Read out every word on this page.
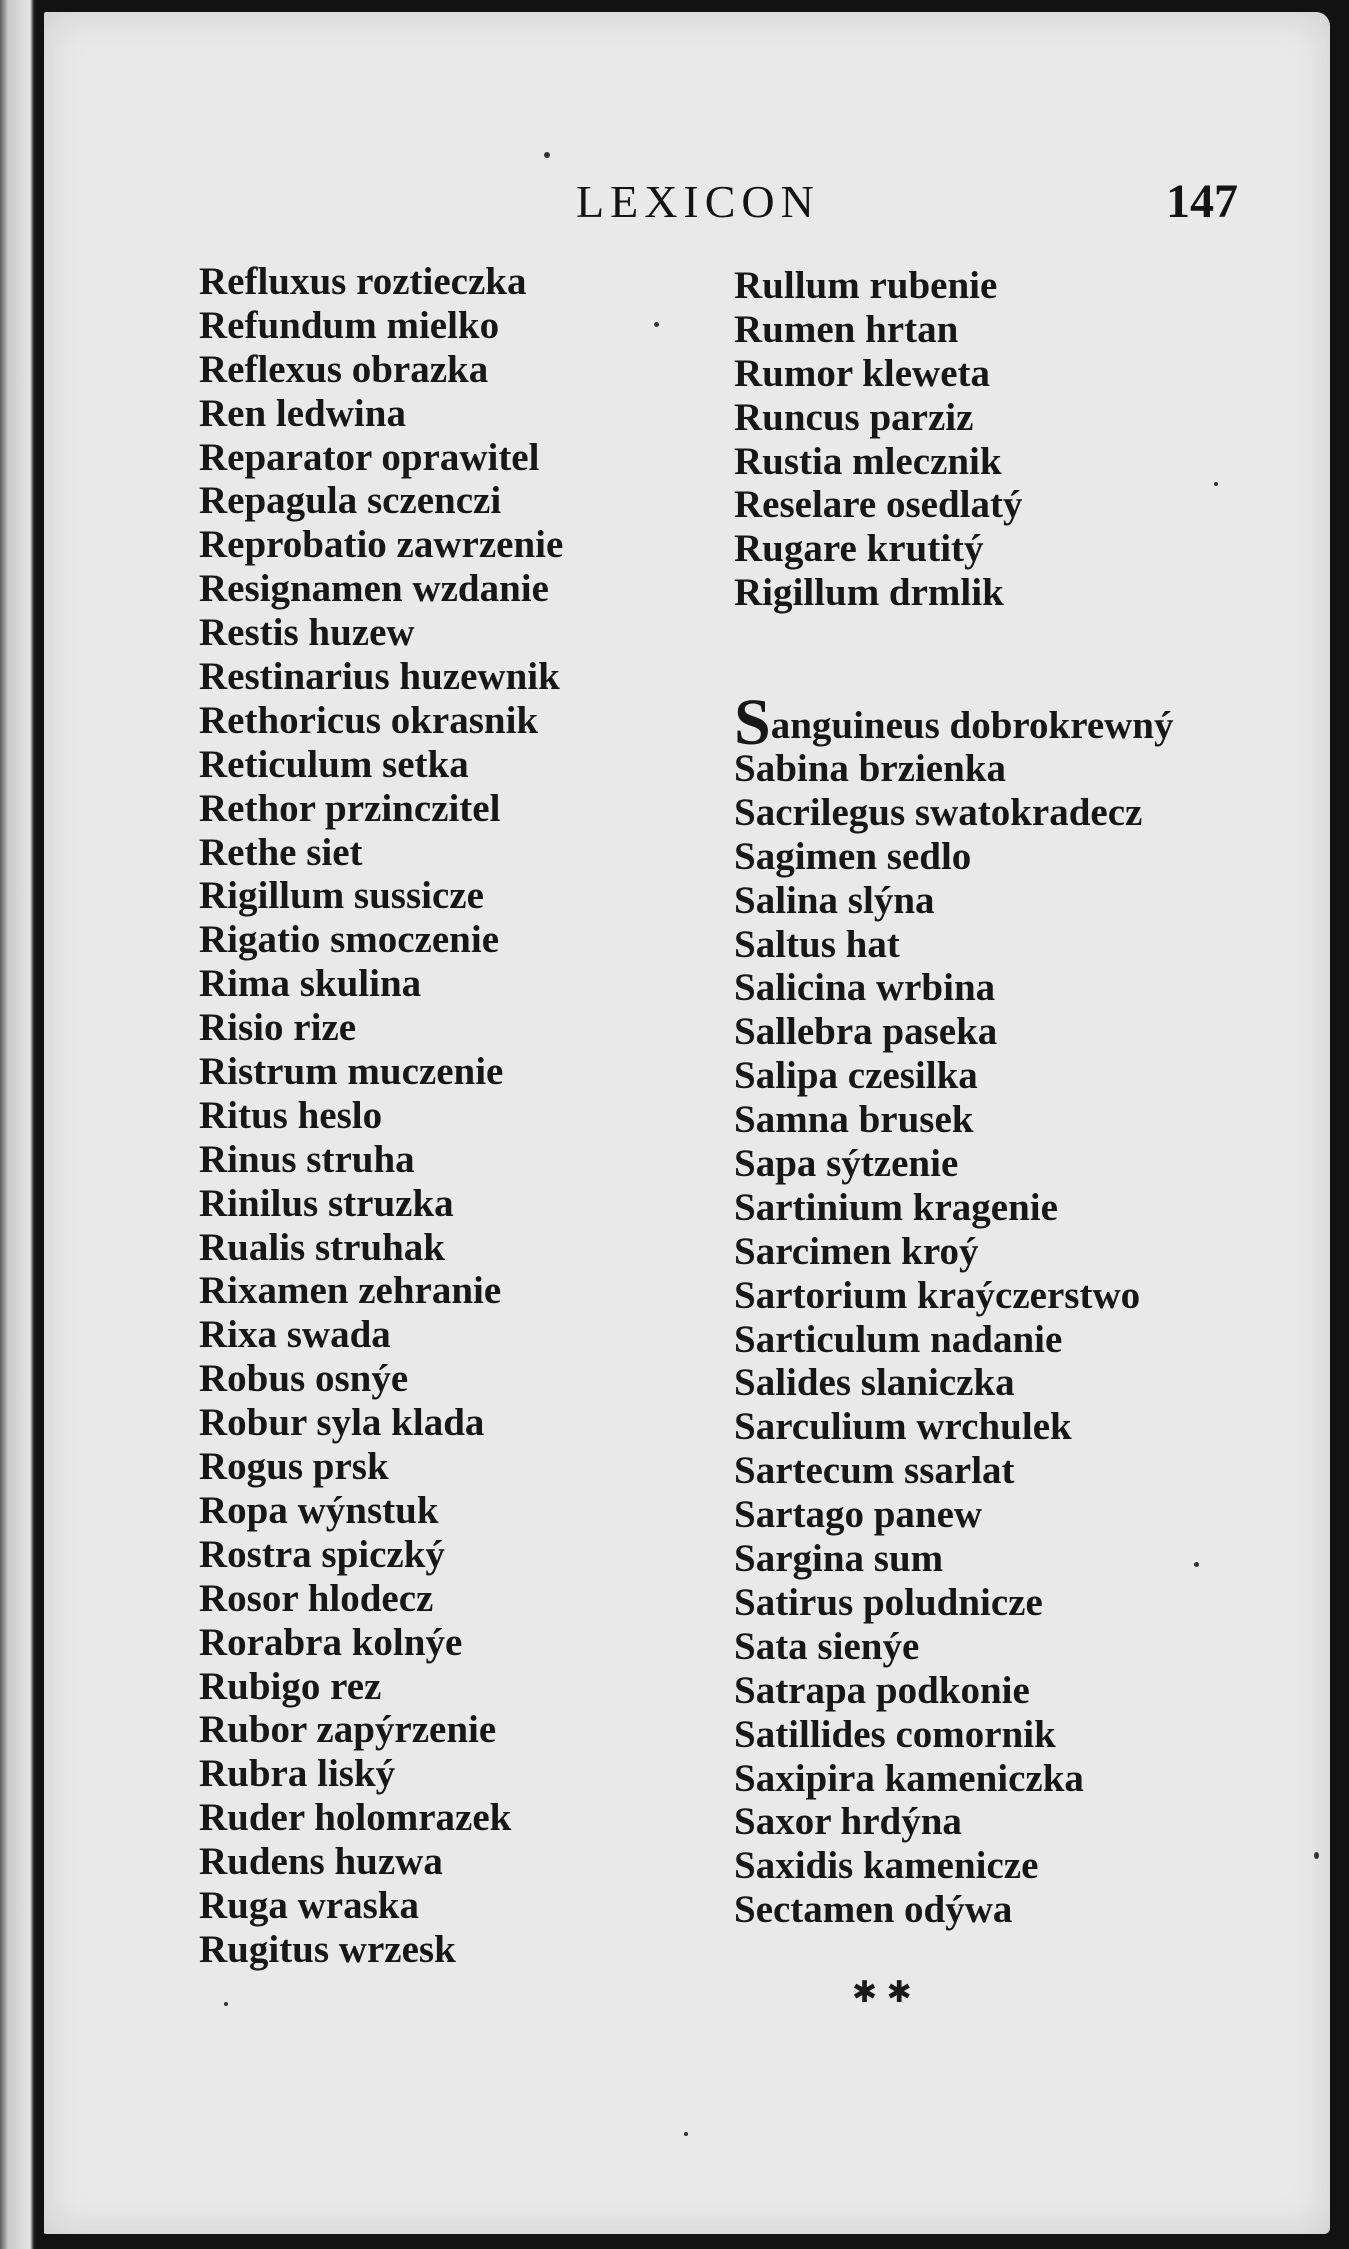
LEXICON	147
Refluxus roztieczka
Refundum mielko
Reflexus obrazka
Ren ledwina
Reparator oprawitel
Repagula sczenczi
Reprobatio zawrzenie
Resignamen wzdanie
Restis huzew
Restinarius huzewnik
Rethoricus okrasnik
Reticulum setka
Rethor przinczitel
Rethe siet
Rigillum sussicze
Rigatio smoczenie
Rima skulina
Risio rize
Ristrum muczenie
Ritus heslo
Rinus struha
Rinilus struzka
Rualis struhak
Rixamen zehranie
Rixa swada
Robus osnýe
Robur syla klada
Rogus prsk
Ropa wýnstuk
Rostra spiczký
Rosor hlodecz
Rorabra kolnýe
Rubigo rez
Rubor zapýrzenie
Rubra liský
Ruder holomrazek
Rudens huzwa
Ruga wraska
Rugitus wrzesk
Rullum rubenie
Rumen hrtan
Rumor kleweta
Runcus parziz
Rustia mlecznik
Reselare osedlatý
Rugare krutitý
Rigillum drmlik
Sanguineus dobrokrewný
Sabina brzienka
Sacrilegus swatokradecz
Sagimen sedlo
Salina slýna
Saltus hat
Salicina wrbina
Sallebra paseka
Salipa czesilka
Samna brusek
Sapa sýtzenie
Sartinium kragenie
Sarcimen kroý
Sartorium kraýczerstwo
Sarticulum nadanie
Salides slaniczka
Sarculium wrchulek
Sartecum ssarlat
Sartago panew
Sargina sum
Satirus poludnicze
Sata sienýe
Satrapa podkonie
Satillides comornik
Saxipira kameniczka
Saxor hrdýna
Saxidis kamenicze
Sectamen odýwa
✱ ✱
